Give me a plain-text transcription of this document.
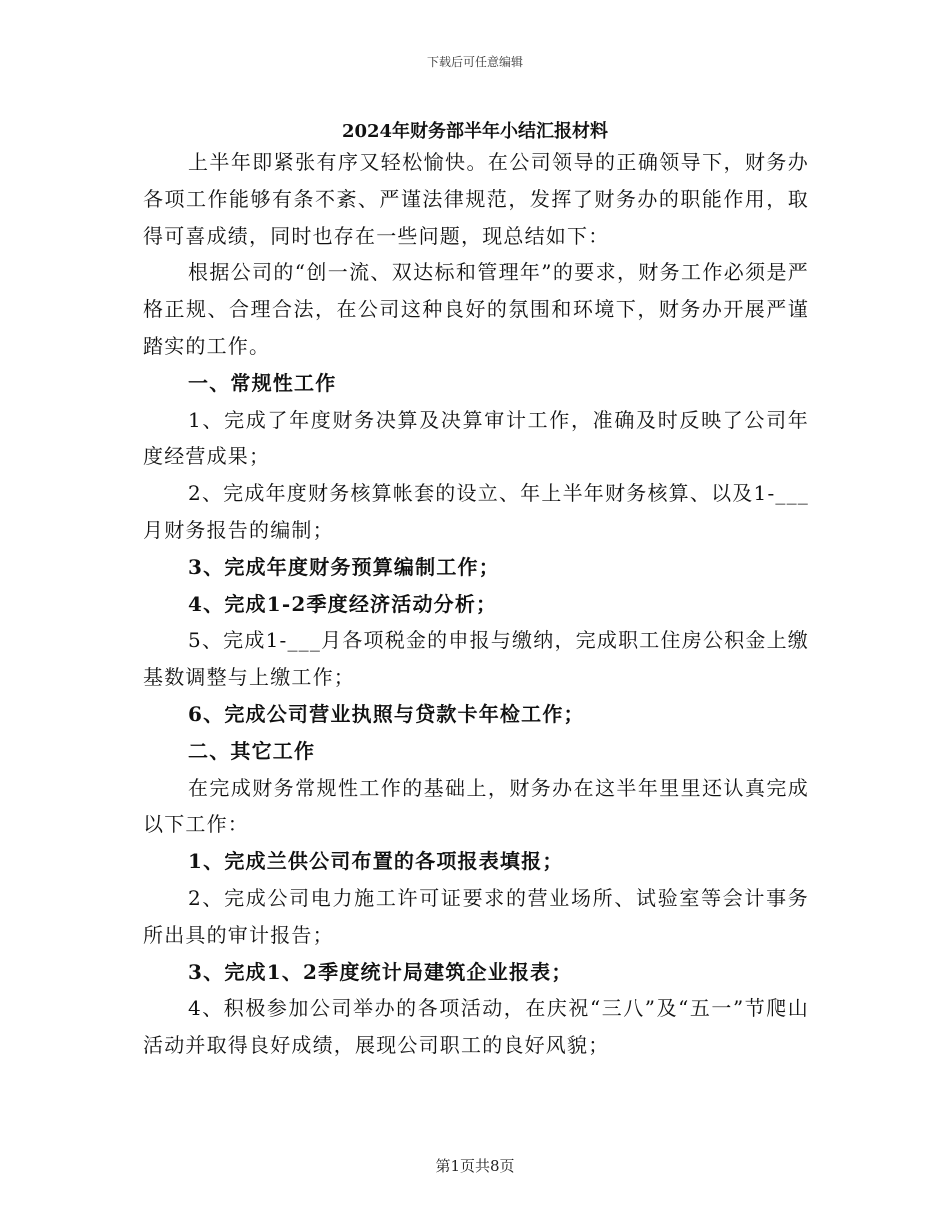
下载后可任意编辑
2024年财务部半年小结汇报材料

上半年即紧张有序又轻松愉快。在公司领导的正确领导下，财务办各项工作能够有条不紊、严谨法律规范，发挥了财务办的职能作用，取得可喜成绩，同时也存在一些问题，现总结如下：

根据公司的“创一流、双达标和管理年”的要求，财务工作必须是严格正规、合理合法，在公司这种良好的氛围和环境下，财务办开展严谨踏实的工作。

一、常规性工作

1、完成了年度财务决算及决算审计工作，准确及时反映了公司年度经营成果；

2、完成年度财务核算帐套的设立、年上半年财务核算、以及1-___月财务报告的编制；

3、完成年度财务预算编制工作；

4、完成1-2季度经济活动分析；

5、完成1-___月各项税金的申报与缴纳，完成职工住房公积金上缴基数调整与上缴工作；

6、完成公司营业执照与贷款卡年检工作；

二、其它工作

在完成财务常规性工作的基础上，财务办在这半年里里还认真完成以下工作：

1、完成兰供公司布置的各项报表填报；

2、完成公司电力施工许可证要求的营业场所、试验室等会计事务所出具的审计报告；

3、完成1、2季度统计局建筑企业报表；

4、积极参加公司举办的各项活动，在庆祝“三八”及“五一”节爬山活动并取得良好成绩，展现公司职工的良好风貌；

第1页共8页
